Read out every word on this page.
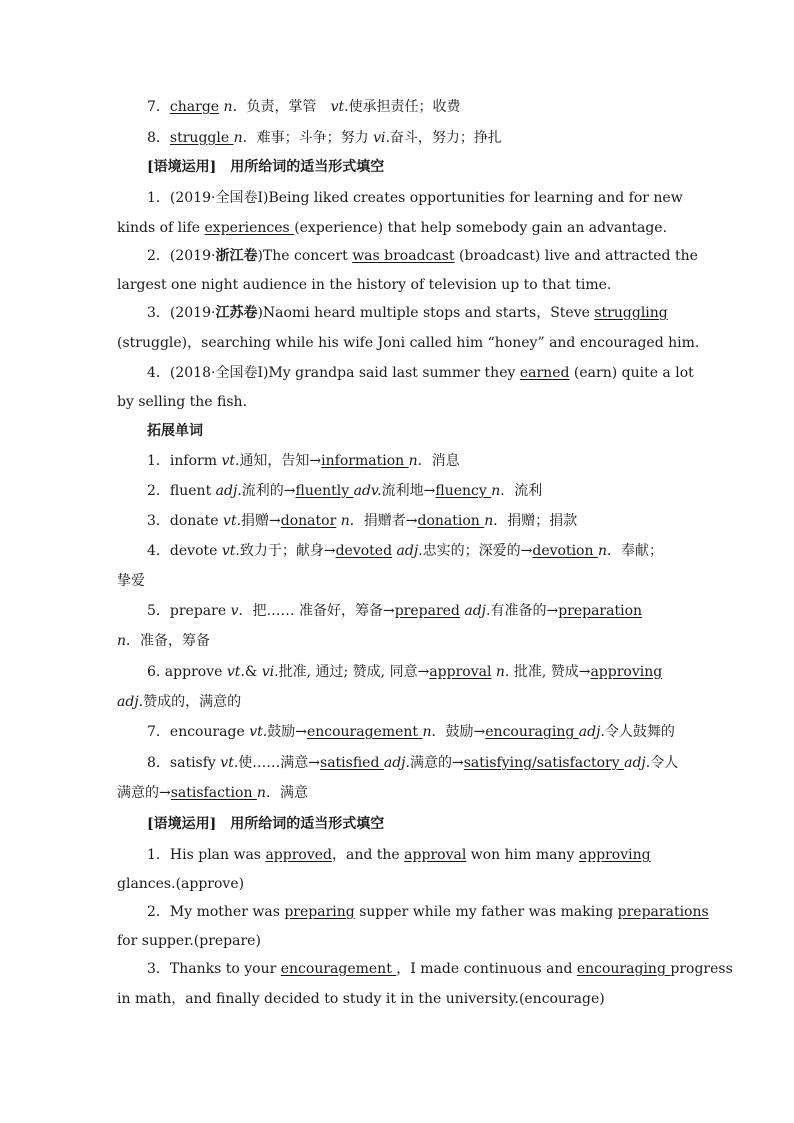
7．charge n．负责，掌管　vt.使承担责任；收费
8．struggle n．难事；斗争；努力 vi.奋斗，努力；挣扎
[语境运用]　用所给词的适当形式填空
1．(2019·全国卷Ⅰ)Being liked creates opportunities for learning and for new
kinds of life experiences (experience) that help somebody gain an advantage.
2．(2019·浙江卷)The concert was broadcast (broadcast) live and attracted the
largest one night audience in the history of television up to that time.
3．(2019·江苏卷)Naomi heard multiple stops and starts，Steve struggling
(struggle)，searching while his wife Joni called him “honey” and encouraged him.
4．(2018·全国卷Ⅰ)My grandpa said last summer they earned (earn) quite a lot
by selling the fish.
拓展单词
1．inform vt.通知，告知→information n．消息
2．fluent adj.流利的→fluently adv.流利地→fluency n．流利
3．donate vt.捐赠→donator n．捐赠者→donation n．捐赠；捐款
4．devote vt.致力于；献身→devoted adj.忠实的；深爱的→devotion n．奉献；
挚爱
5．prepare v．把…… 准备好，筹备→prepared adj.有准备的→preparation
n．准备，筹备
6. approve vt.& vi.批准, 通过; 赞成, 同意→approval n. 批准, 赞成→approving
adj.赞成的，满意的
7．encourage vt.鼓励→encouragement n．鼓励→encouraging adj.令人鼓舞的
8．satisfy vt.使……满意→satisfied adj.满意的→satisfying/satisfactory adj.令人
满意的→satisfaction n．满意
[语境运用]　用所给词的适当形式填空
1．His plan was approved，and the approval won him many approving
glances.(approve)
2．My mother was preparing supper while my father was making preparations
for supper.(prepare)
3．Thanks to your encouragement ，I made continuous and encouraging progress
in math，and finally decided to study it in the university.(encourage)
